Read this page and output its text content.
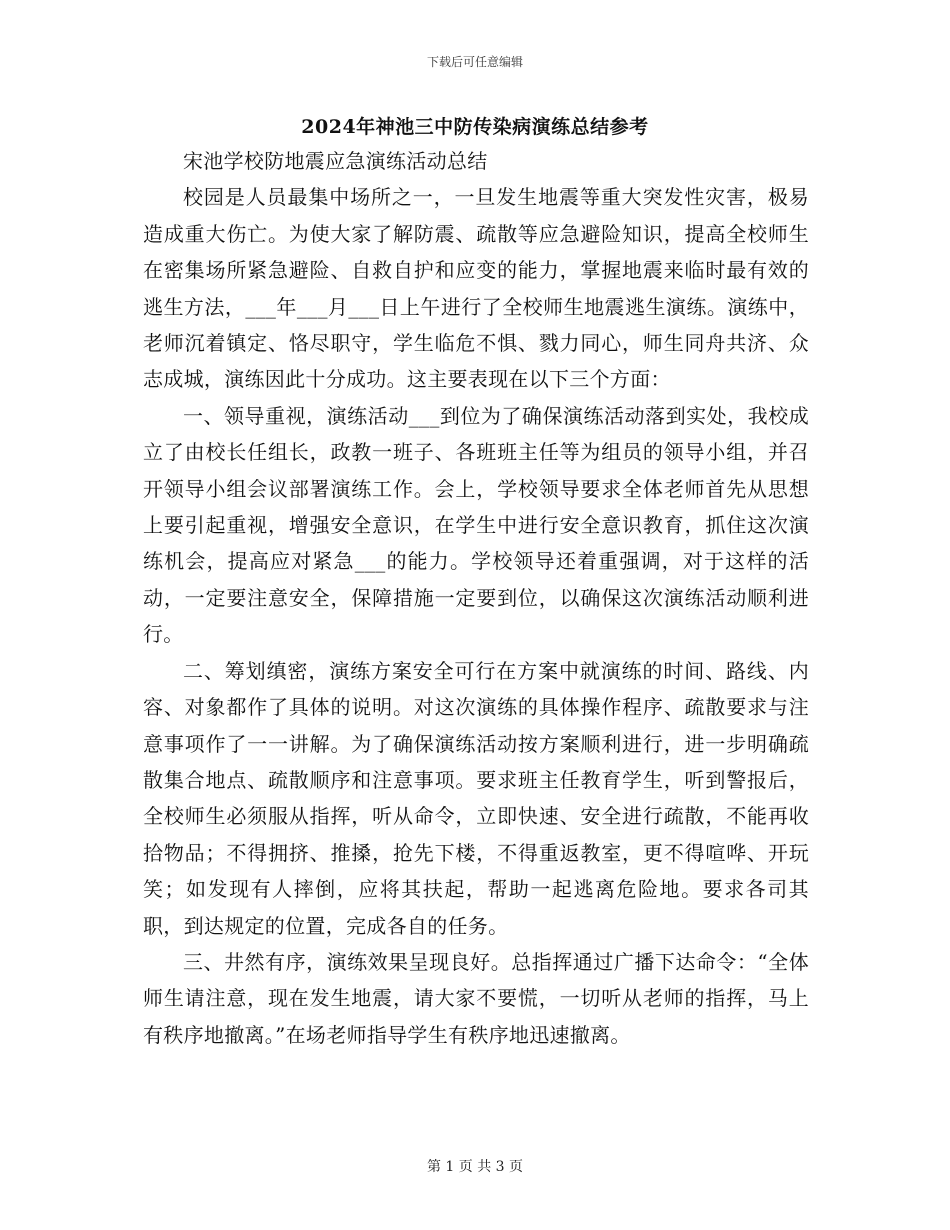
下载后可任意编辑
2024年神池三中防传染病演练总结参考

宋池学校防地震应急演练活动总结

校园是人员最集中场所之一，一旦发生地震等重大突发性灾害，极易造成重大伤亡。为使大家了解防震、疏散等应急避险知识，提高全校师生在密集场所紧急避险、自救自护和应变的能力，掌握地震来临时最有效的逃生方法，___年___月___日上午进行了全校师生地震逃生演练。演练中，老师沉着镇定、恪尽职守，学生临危不惧、戮力同心，师生同舟共济、众志成城，演练因此十分成功。这主要表现在以下三个方面：

一、领导重视，演练活动___到位为了确保演练活动落到实处，我校成立了由校长任组长，政教一班子、各班班主任等为组员的领导小组，并召开领导小组会议部署演练工作。会上，学校领导要求全体老师首先从思想上要引起重视，增强安全意识，在学生中进行安全意识教育，抓住这次演练机会，提高应对紧急___的能力。学校领导还着重强调，对于这样的活动，一定要注意安全，保障措施一定要到位，以确保这次演练活动顺利进行。

二、筹划缜密，演练方案安全可行在方案中就演练的时间、路线、内容、对象都作了具体的说明。对这次演练的具体操作程序、疏散要求与注意事项作了一一讲解。为了确保演练活动按方案顺利进行，进一步明确疏散集合地点、疏散顺序和注意事项。要求班主任教育学生，听到警报后，全校师生必须服从指挥，听从命令，立即快速、安全进行疏散，不能再收拾物品；不得拥挤、推搡，抢先下楼，不得重返教室，更不得喧哗、开玩笑；如发现有人摔倒，应将其扶起，帮助一起逃离危险地。要求各司其职，到达规定的位置，完成各自的任务。

三、井然有序，演练效果呈现良好。总指挥通过广播下达命令：“全体师生请注意，现在发生地震，请大家不要慌，一切听从老师的指挥，马上有秩序地撤离。”在场老师指导学生有秩序地迅速撤离。

第 1 页 共 3 页
